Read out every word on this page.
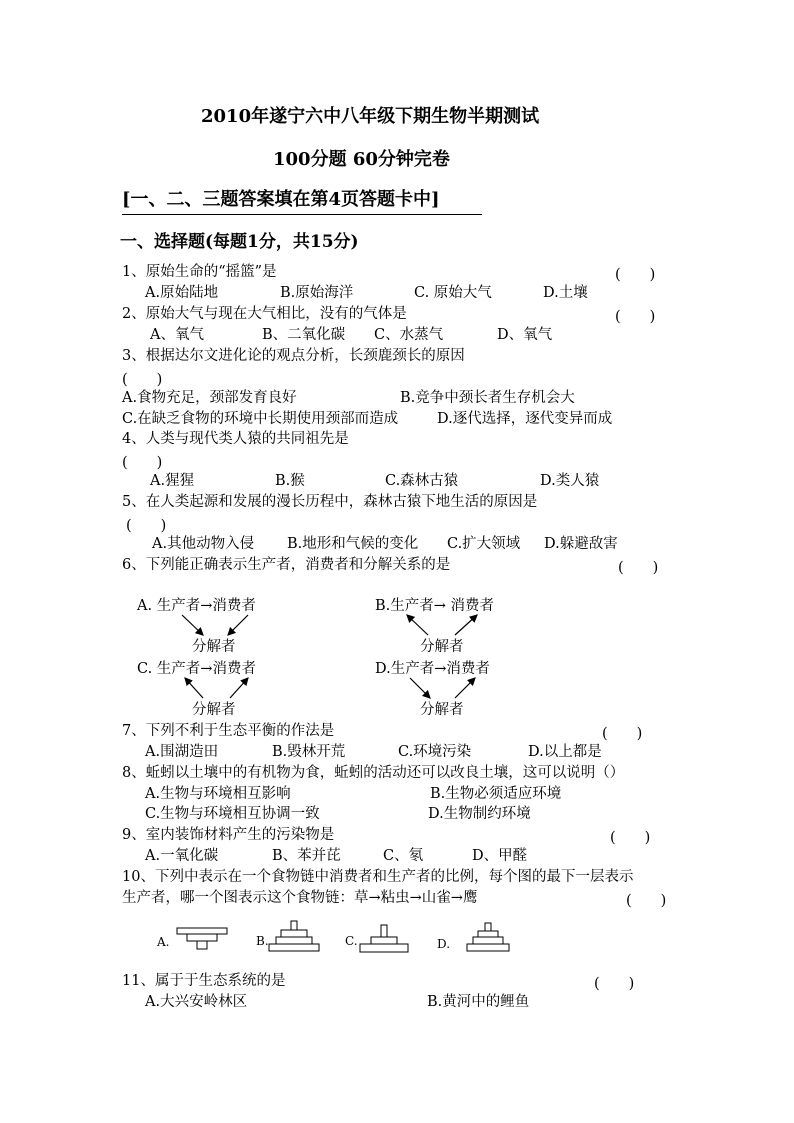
2010年遂宁六中八年级下期生物半期测试
100分题 60分钟完卷
[一、二、三题答案填在第4页答题卡中]
一、选择题(每题1分，共15分)
1、原始生命的“摇篮”是	(　　)
A.原始陆地	B.原始海洋	C. 原始大气	D.土壤
2、原始大气与现在大气相比，没有的气体是	(　　)
A、氧气	B、二氧化碳 C、水蒸气	D、氧气
3、根据达尔文进化论的观点分析，长颈鹿颈长的原因
(　　)
A.食物充足，颈部发育良好	B.竞争中颈长者生存机会大
C.在缺乏食物的环境中长期使用颈部而造成	D.逐代选择，逐代变异而成
4、人类与现代类人猿的共同祖先是
(　　)
A.猩猩	B.猴	C.森林古猿	D.类人猿
5、在人类起源和发展的漫长历程中，森林古猿下地生活的原因是
(　　)
A.其他动物入侵 B.地形和气候的变化 C.扩大领域 D.躲避敌害
6、下列能正确表示生产者，消费者和分解关系的是	(　　)
A. 生产者→消费者
分解者
B.生产者→ 消费者
分解者
C. 生产者→消费者
分解者
D.生产者→消费者
分解者
7、下列不利于生态平衡的作法是	(　　)
A.围湖造田	B.毁林开荒	C.环境污染	D.以上都是
8、蚯蚓以土壤中的有机物为食，蚯蚓的活动还可以改良土壤，这可以说明（）
A.生物与环境相互影响	B.生物必须适应环境
C.生物与环境相互协调一致	D.生物制约环境
9、室内装饰材料产生的污染物是	(　　)
A.一氧化碳	B、苯并芘	C、氡	D、甲醛
10、下列中表示在一个食物链中消费者和生产者的比例，每个图的最下一层表示
生产者，哪一个图表示这个食物链：草→粘虫→山雀→鹰	(　　)
A.	B.	C.	D.
11、属于于生态系统的是	(　　)
A.大兴安岭林区	B.黄河中的鲤鱼
